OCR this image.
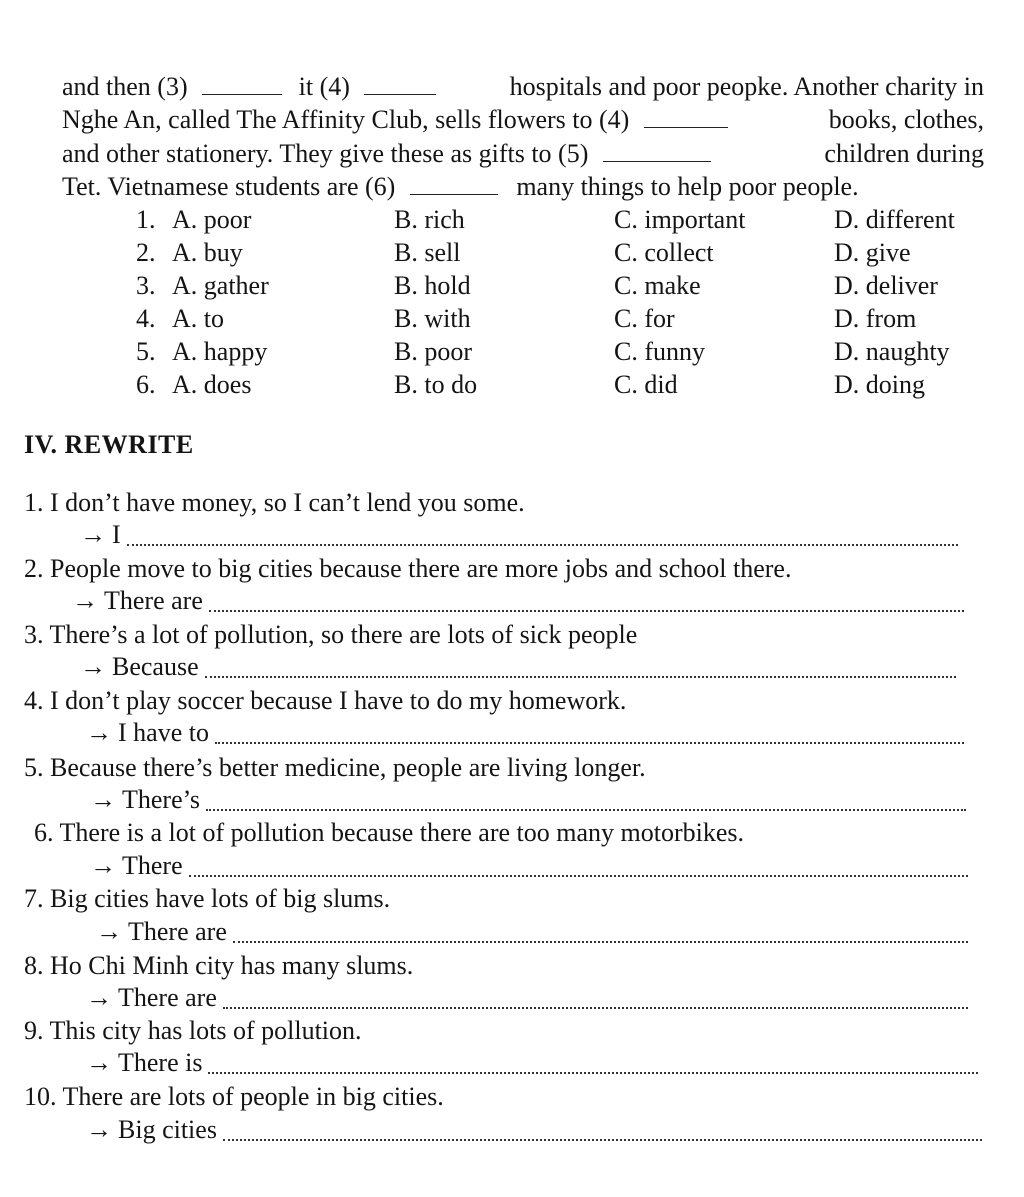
and then (3)	it (4)	hospitals and poor peopke. Another charity in
Nghe An, called The Affinity Club, sells flowers to (4)	books, clothes,
and other stationery. They give these as gifts to (5)	children during
Tet. Vietnamese students are (6)	many things to help poor people.
1. A. poor	B. rich	C. important	D. different
2. A. buy	B. sell	C. collect	D. give
3. A. gather	B. hold	C. make	D. deliver
4. A. to	B. with	C. for	D. from
5. A. happy	B. poor	C. funny	D. naughty
6. A. does	B. to do	C. did	D. doing
IV. REWRITE
1. I don’t have money, so I can’t lend you some.
→ I
2. People move to big cities because there are more jobs and school there.
→ There are
3. There’s a lot of pollution, so there are lots of sick people
→ Because
4. I don’t play soccer because I have to do my homework.
→ I have to
5. Because there’s better medicine, people are living longer.
→ There’s
6. There is a lot of pollution because there are too many motorbikes.
→ There
7. Big cities have lots of big slums.
→ There are
8. Ho Chi Minh city has many slums.
→ There are
9. This city has lots of pollution.
→ There is
10. There are lots of people in big cities.
→ Big cities
